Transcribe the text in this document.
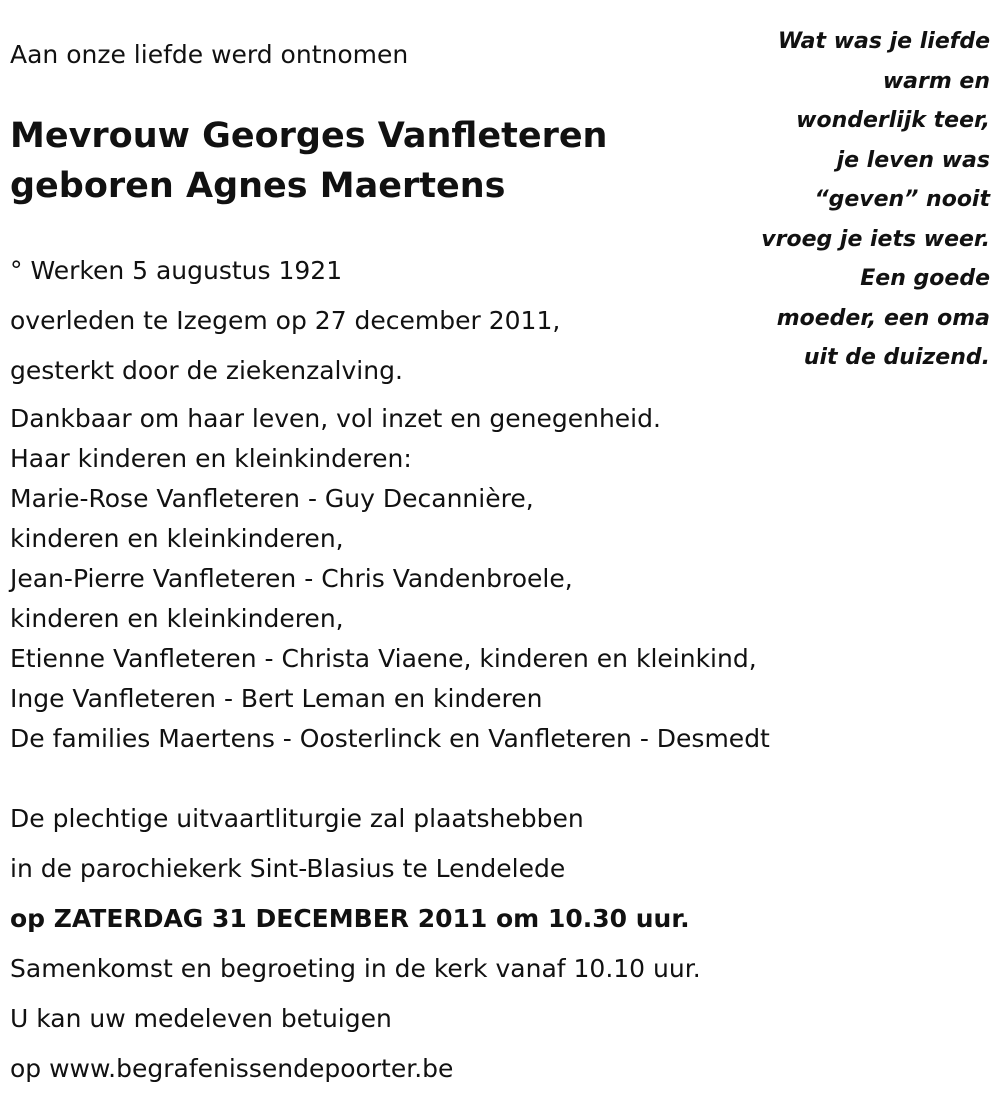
Aan onze liefde werd ontnomen

Mevrouw Georges Vanfleteren
geboren Agnes Maertens

° Werken 5 augustus 1921

overleden te Izegem op 27 december 2011,

gesterkt door de ziekenzalving.

Dankbaar om haar leven, vol inzet en genegenheid.

Haar kinderen en kleinkinderen:

Marie-Rose Vanfleteren - Guy Decannière,

kinderen en kleinkinderen,

Jean-Pierre Vanfleteren - Chris Vandenbroele,

kinderen en kleinkinderen,

Etienne Vanfleteren - Christa Viaene, kinderen en kleinkind,

Inge Vanfleteren - Bert Leman en kinderen

De families Maertens - Oosterlinck en Vanfleteren - Desmedt

De plechtige uitvaartliturgie zal plaatshebben

in de parochiekerk Sint-Blasius te Lendelede

op ZATERDAG 31 DECEMBER 2011 om 10.30 uur.

Samenkomst en begroeting in de kerk vanaf 10.10 uur.

U kan uw medeleven betuigen

op www.begrafenissendepoorter.be

Wat was je liefde
warm en
wonderlijk teer,
je leven was
“geven” nooit
vroeg je iets weer.
Een goede
moeder, een oma
uit de duizend.
